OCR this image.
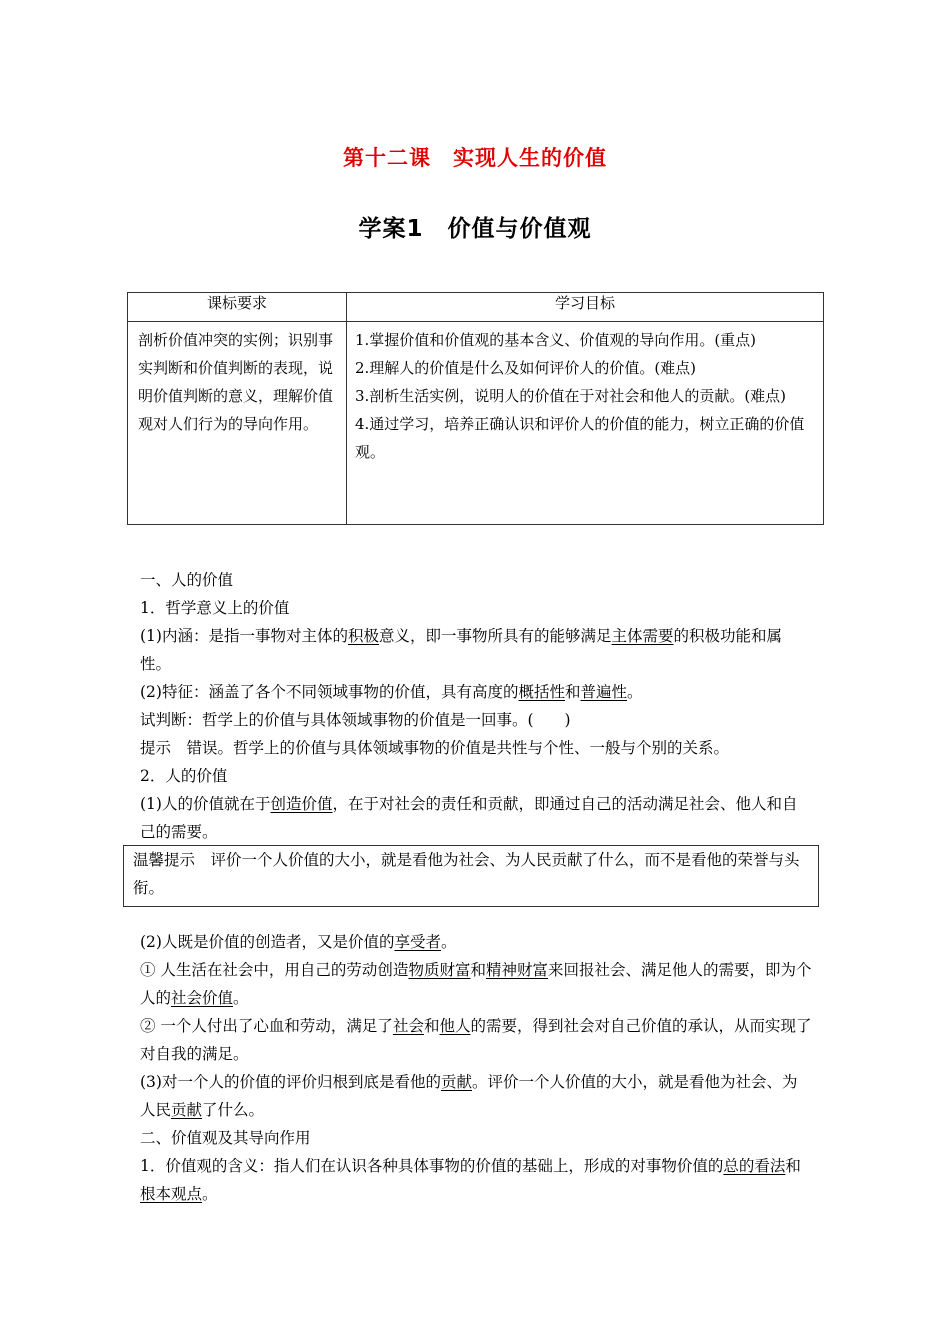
第十二课　实现人生的价值
学案1　价值与价值观
课标要求	学习目标
剖析价值冲突的实例；识别事实判断和价值判断的表现，说明价值判断的意义，理解价值观对人们行为的导向作用。	1.掌握价值和价值观的基本含义、价值观的导向作用。(重点)
2.理解人的价值是什么及如何评价人的价值。(难点)
3.剖析生活实例，说明人的价值在于对社会和他人的贡献。(难点)
4.通过学习，培养正确认识和评价人的价值的能力，树立正确的价值观。
一、人的价值
1．哲学意义上的价值
(1)内涵：是指一事物对主体的积极意义，即一事物所具有的能够满足主体需要的积极功能和属性。
(2)特征：涵盖了各个不同领域事物的价值，具有高度的概括性和普遍性。
试判断：哲学上的价值与具体领域事物的价值是一回事。(　　)
提示　错误。哲学上的价值与具体领域事物的价值是共性与个性、一般与个别的关系。
2．人的价值
(1)人的价值就在于创造价值，在于对社会的责任和贡献，即通过自己的活动满足社会、他人和自己的需要。
温馨提示　评价一个人价值的大小，就是看他为社会、为人民贡献了什么，而不是看他的荣誉与头衔。
(2)人既是价值的创造者，又是价值的享受者。
① 人生活在社会中，用自己的劳动创造物质财富和精神财富来回报社会、满足他人的需要，即为个人的社会价值。
② 一个人付出了心血和劳动，满足了社会和他人的需要，得到社会对自己价值的承认，从而实现了对自我的满足。
(3)对一个人的价值的评价归根到底是看他的贡献。评价一个人价值的大小，就是看他为社会、为人民贡献了什么。
二、价值观及其导向作用
1．价值观的含义：指人们在认识各种具体事物的价值的基础上，形成的对事物价值的总的看法和根本观点。
